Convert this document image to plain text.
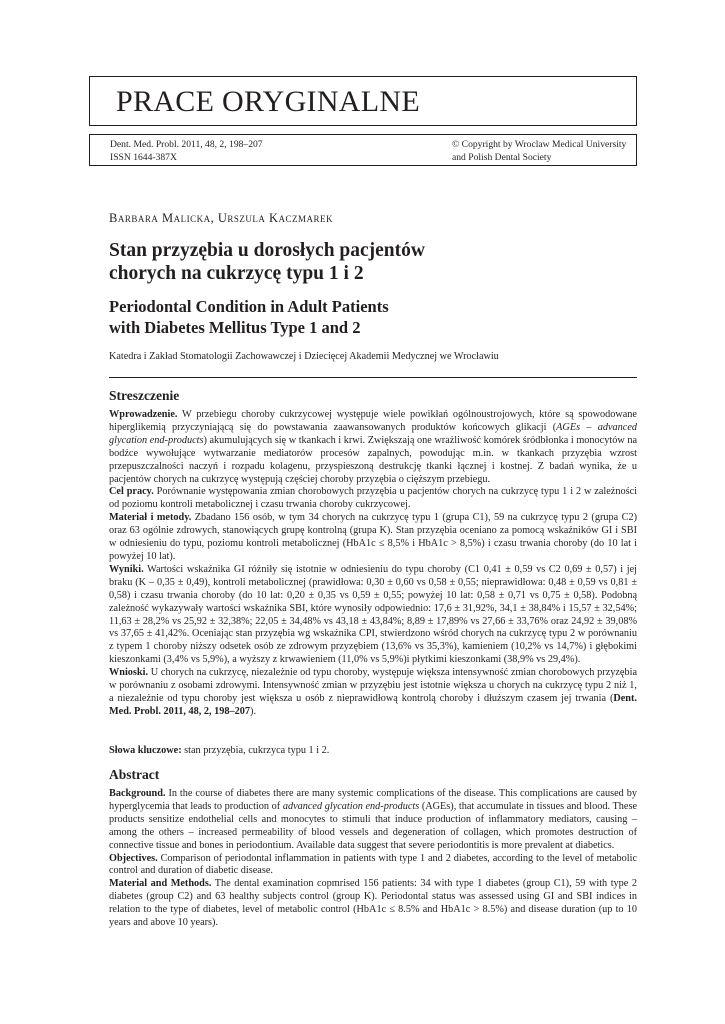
PRACE ORYGINALNE
Dent. Med. Probl. 2011, 48, 2, 198–207
ISSN 1644-387X
© Copyright by Wroclaw Medical University
and Polish Dental Society
Barbara Malicka, Urszula Kaczmarek
Stan przyzębia u dorosłych pacjentów
chorych na cukrzycę typu 1 i 2
Periodontal Condition in Adult Patients
with Diabetes Mellitus Type 1 and 2
Katedra i Zakład Stomatologii Zachowawczej i Dziecięcej Akademii Medycznej we Wrocławiu
Streszczenie

Wprowadzenie. W przebiegu choroby cukrzycowej występuje wiele powikłań ogólnoustrojowych, które są spowodowane hiperglikemią przyczyniającą się do powstawania zaawansowanych produktów końcowych glikacji (AGEs – advanced glycation end-products) akumulujących się w tkankach i krwi. Zwiększają one wrażliwość komórek śródbłonka i monocytów na bodźce wywołujące wytwarzanie mediatorów procesów zapalnych, powodując m.in. w tkankach przyzębia wzrost przepuszczalności naczyń i rozpadu kolagenu, przyspieszoną destrukcję tkanki łącznej i kostnej. Z badań wynika, że u pacjentów chorych na cukrzycę występują częściej choroby przyzębia o cięższym przebiegu.

Cel pracy. Porównanie występowania zmian chorobowych przyzębia u pacjentów chorych na cukrzycę typu 1 i 2 w zależności od poziomu kontroli metabolicznej i czasu trwania choroby cukrzycowej.

Materiał i metody. Zbadano 156 osób, w tym 34 chorych na cukrzycę typu 1 (grupa C1), 59 na cukrzycę typu 2 (grupa C2) oraz 63 ogólnie zdrowych, stanowiących grupę kontrolną (grupa K). Stan przyzębia oceniano za pomocą wskaźników GI i SBI w odniesieniu do typu, poziomu kontroli metabolicznej (HbA1c ≤ 8,5% i HbA1c > 8,5%) i czasu trwania choroby (do 10 lat i powyżej 10 lat).

Wyniki. Wartości wskaźnika GI różniły się istotnie w odniesieniu do typu choroby (C1 0,41 ± 0,59 vs C2 0,69 ± 0,57) i jej braku (K – 0,35 ± 0,49), kontroli metabolicznej (prawidłowa: 0,30 ± 0,60 vs 0,58 ± 0,55; nieprawidłowa: 0,48 ± 0,59 vs 0,81 ± 0,58) i czasu trwania choroby (do 10 lat: 0,20 ± 0,35 vs 0,59 ± 0,55; powyżej 10 lat: 0,58 ± 0,71 vs 0,75 ± 0,58). Podobną zależność wykazywały wartości wskaźnika SBI, które wynosiły odpowiednio: 17,6 ± 31,92%, 34,1 ± 38,84% i 15,57 ± 32,54%; 11,63 ± 28,2% vs 25,92 ± 32,38%; 22,05 ± 34,48% vs 43,18 ± 43,84%; 8,89 ± 17,89% vs 27,66 ± 33,76% oraz 24,92 ± 39,08% vs 37,65 ± 41,42%. Oceniając stan przyzębia wg wskaźnika CPI, stwierdzono wśród chorych na cukrzycę typu 2 w porównaniu z typem 1 choroby niższy odsetek osób ze zdrowym przyzębiem (13,6% vs 35,3%), kamieniem (10,2% vs 14,7%) i głębokimi kieszonkami (3,4% vs 5,9%), a wyższy z krwawieniem (11,0% vs 5,9%)i płytkimi kieszonkami (38,9% vs 29,4%).

Wnioski. U chorych na cukrzycę, niezależnie od typu choroby, występuje większa intensywność zmian chorobowych przyzębia w porównaniu z osobami zdrowymi. Intensywność zmian w przyzębiu jest istotnie większa u chorych na cukrzycę typu 2 niż 1, a niezależnie od typu choroby jest większa u osób z nieprawidłową kontrolą choroby i dłuższym czasem jej trwania (Dent. Med. Probl. 2011, 48, 2, 198–207).

Słowa kluczowe: stan przyzębia, cukrzyca typu 1 i 2.
Abstract

Background. In the course of diabetes there are many systemic complications of the disease. This complications are caused by hyperglycemia that leads to production of advanced glycation end-products (AGEs), that accumulate in tissues and blood. These products sensitize endothelial cells and monocytes to stimuli that induce production of inflammatory mediators, causing – among the others – increased permeability of blood vessels and degeneration of collagen, which promotes destruction of connective tissue and bones in periodontium. Available data suggest that severe periodontitis is more prevalent at diabetics.

Objectives. Comparison of periodontal inflammation in patients with type 1 and 2 diabetes, according to the level of metabolic control and duration of diabetic disease.

Material and Methods. The dental examination copmrised 156 patients: 34 with type 1 diabetes (group C1), 59 with type 2 diabetes (group C2) and 63 healthy subjects control (group K). Periodontal status was assessed using GI and SBI indices in relation to the type of diabetes, level of metabolic control (HbA1c ≤ 8.5% and HbA1c > 8.5%) and disease duration (up to 10 years and above 10 years).
